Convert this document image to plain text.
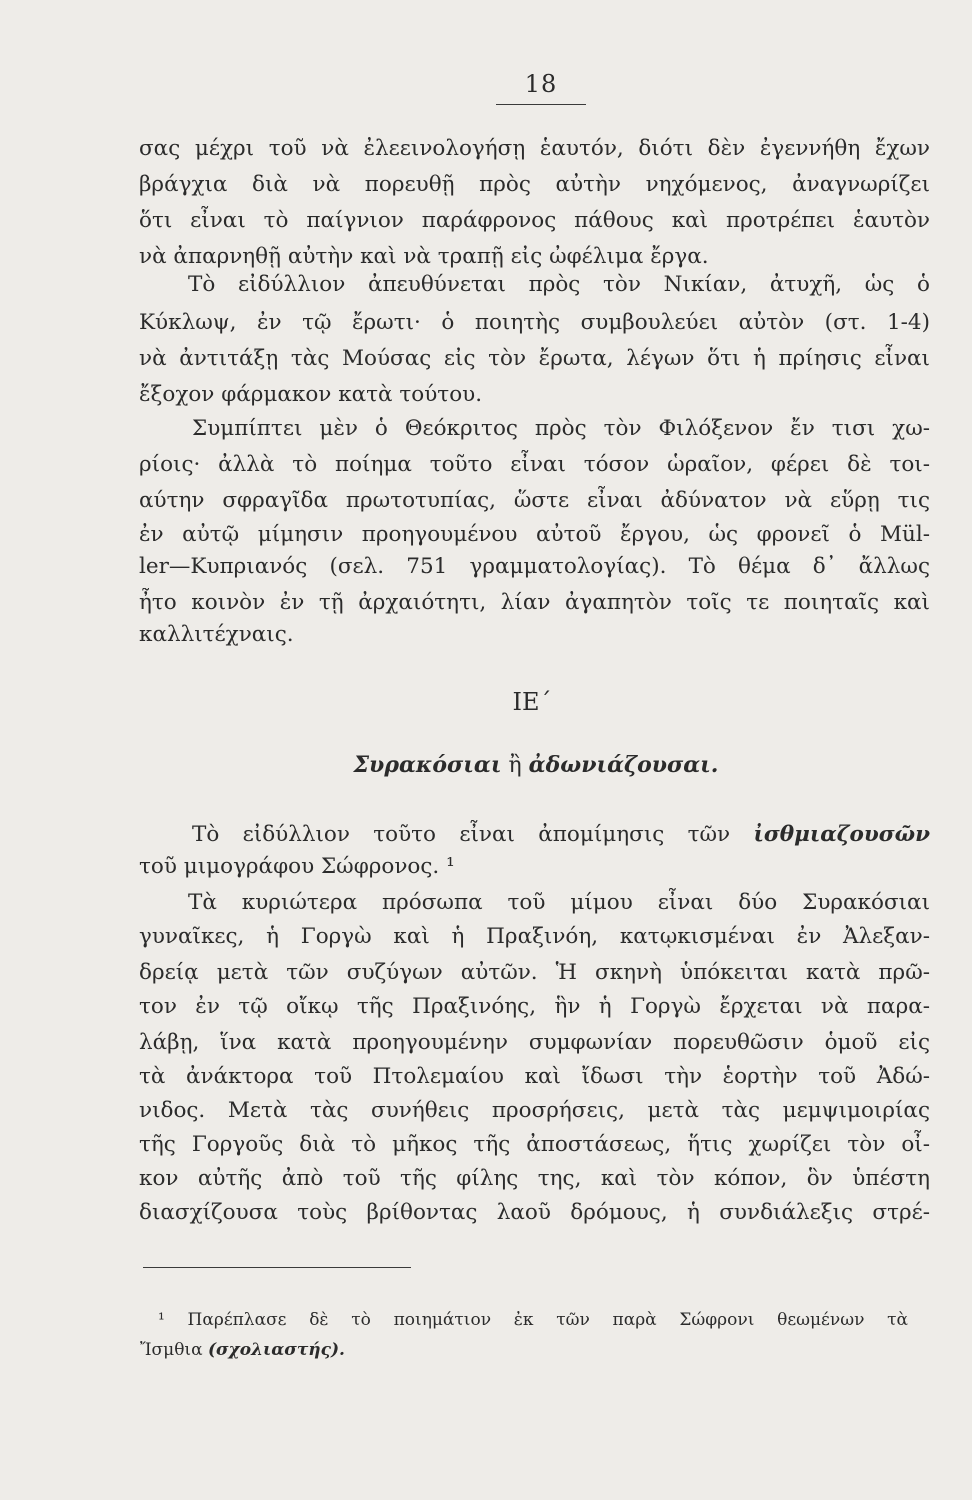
18
σας μέχρι τοῦ νὰ ἐλεεινολογήσῃ ἑαυτόν, διότι δὲν ἐγεννήθη ἔχων
βράγχια διὰ νὰ πορευθῇ πρὸς αὐτὴν νηχόμενος, ἀναγνωρίζει
ὅτι εἶναι τὸ παίγνιον παράφρονος πάθους καὶ προτρέπει ἑαυτὸν
νὰ ἀπαρνηθῇ αὐτὴν καὶ νὰ τραπῇ εἰς ὠφέλιμα ἔργα.
Τὸ εἰδύλλιον ἀπευθύνεται πρὸς τὸν Νικίαν, ἀτυχῆ, ὡς ὁ
Κύκλωψ, ἐν τῷ ἔρωτι· ὁ ποιητὴς συμβουλεύει αὐτὸν (στ. 1-4)
νὰ ἀντιτάξῃ τὰς Μούσας εἰς τὸν ἔρωτα, λέγων ὅτι ἡ πρίησις εἶναι
ἔξοχον φάρμακον κατὰ τούτου.
Συμπίπτει μὲν ὁ Θεόκριτος πρὸς τὸν Φιλόξενον ἔν τισι χω-
ρίοις· ἀλλὰ τὸ ποίημα τοῦτο εἶναι τόσον ὡραῖον, φέρει δὲ τοι-
αύτην σφραγῖδα πρωτοτυπίας, ὥστε εἶναι ἀδύνατον νὰ εὕρῃ τις
ἐν αὐτῷ μίμησιν προηγουμένου αὐτοῦ ἔργου, ὡς φρονεῖ ὁ Mül-
ler—Κυπριανός (σελ. 751 γραμματολογίας). Τὸ θέμα δ᾽ ἄλλως
ἦτο κοινὸν ἐν τῇ ἀρχαιότητι, λίαν ἀγαπητὸν τοῖς τε ποιηταῖς καὶ
καλλιτέχναις.
ΙΕ΄
Συρακόσιαι ἢ ἀδωνιάζουσαι.
Τὸ εἰδύλλιον τοῦτο εἶναι ἀπομίμησις τῶν ἰσθμιαζουσῶν
τοῦ μιμογράφου Σώφρονος. ¹
Τὰ κυριώτερα πρόσωπα τοῦ μίμου εἶναι δύο Συρακόσιαι
γυναῖκες, ἡ Γοργὼ καὶ ἡ Πραξινόη, κατῳκισμέναι ἐν Ἀλεξαν-
δρείᾳ μετὰ τῶν συζύγων αὐτῶν. Ἡ σκηνὴ ὑπόκειται κατὰ πρῶ-
τον ἐν τῷ οἴκῳ τῆς Πραξινόης, ἣν ἡ Γοργὼ ἔρχεται νὰ παρα-
λάβῃ, ἵνα κατὰ προηγουμένην συμφωνίαν πορευθῶσιν ὁμοῦ εἰς
τὰ ἀνάκτορα τοῦ Πτολεμαίου καὶ ἴδωσι τὴν ἑορτὴν τοῦ Ἀδώ-
νιδος. Μετὰ τὰς συνήθεις προσρήσεις, μετὰ τὰς μεμψιμοιρίας
τῆς Γοργοῦς διὰ τὸ μῆκος τῆς ἀποστάσεως, ἥτις χωρίζει τὸν οἶ-
κον αὐτῆς ἀπὸ τοῦ τῆς φίλης της, καὶ τὸν κόπον, ὃν ὑπέστη
διασχίζουσα τοὺς βρίθοντας λαοῦ δρόμους, ἡ συνδιάλεξις στρέ-
¹ Παρέπλασε δὲ τὸ ποιημάτιον ἐκ τῶν παρὰ Σώφρονι θεωμένων τὰ
Ἴσμθια (σχολιαστής).
